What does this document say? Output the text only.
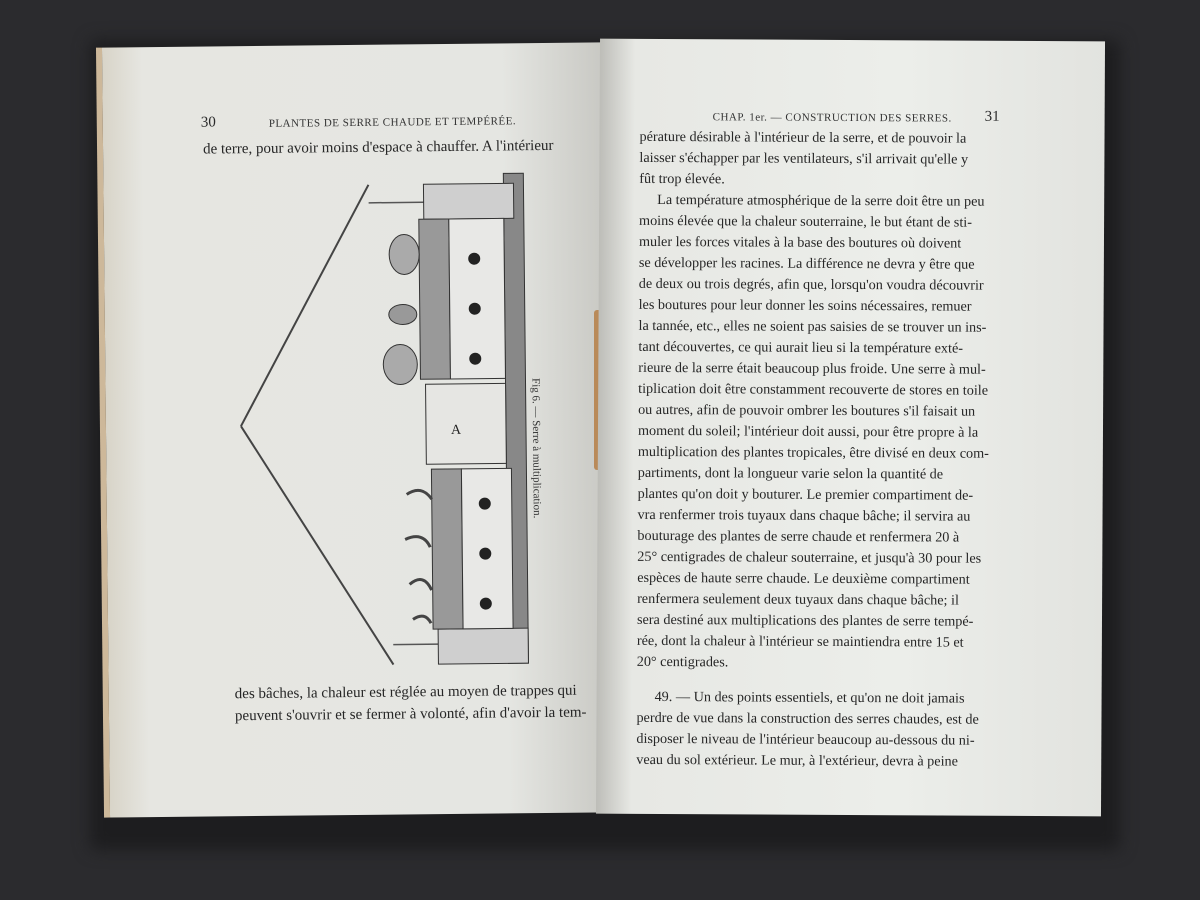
30	PLANTES DE SERRE CHAUDE ET TEMPÉRÉE.
de terre, pour avoir moins d'espace à chauffer. A l'intérieur
A	Fig 6. — Serre à multiplication.
des bâches, la chaleur est réglée au moyen de trappes qui
peuvent s'ouvrir et se fermer à volonté, afin d'avoir la tem-
CHAP. 1er. — CONSTRUCTION DES SERRES. 31
pérature désirable à l'intérieur de la serre, et de pouvoir la
laisser s'échapper par les ventilateurs, s'il arrivait qu'elle y
fût trop élevée.
La température atmosphérique de la serre doit être un peu
moins élevée que la chaleur souterraine, le but étant de sti-
muler les forces vitales à la base des boutures où doivent
se développer les racines. La différence ne devra y être que
de deux ou trois degrés, afin que, lorsqu'on voudra découvrir
les boutures pour leur donner les soins nécessaires, remuer
la tannée, etc., elles ne soient pas saisies de se trouver un ins-
tant découvertes, ce qui aurait lieu si la température exté-
rieure de la serre était beaucoup plus froide. Une serre à mul-
tiplication doit être constamment recouverte de stores en toile
ou autres, afin de pouvoir ombrer les boutures s'il faisait un
moment du soleil; l'intérieur doit aussi, pour être propre à la
multiplication des plantes tropicales, être divisé en deux com-
partiments, dont la longueur varie selon la quantité de
plantes qu'on doit y bouturer. Le premier compartiment de-
vra renfermer trois tuyaux dans chaque bâche; il servira au
bouturage des plantes de serre chaude et renfermera 20 à
25° centigrades de chaleur souterraine, et jusqu'à 30 pour les
espèces de haute serre chaude. Le deuxième compartiment
renfermera seulement deux tuyaux dans chaque bâche; il
sera destiné aux multiplications des plantes de serre tempé-
rée, dont la chaleur à l'intérieur se maintiendra entre 15 et
20° centigrades.
49. — Un des points essentiels, et qu'on ne doit jamais
perdre de vue dans la construction des serres chaudes, est de
disposer le niveau de l'intérieur beaucoup au-dessous du ni-
veau du sol extérieur. Le mur, à l'extérieur, devra à peine
